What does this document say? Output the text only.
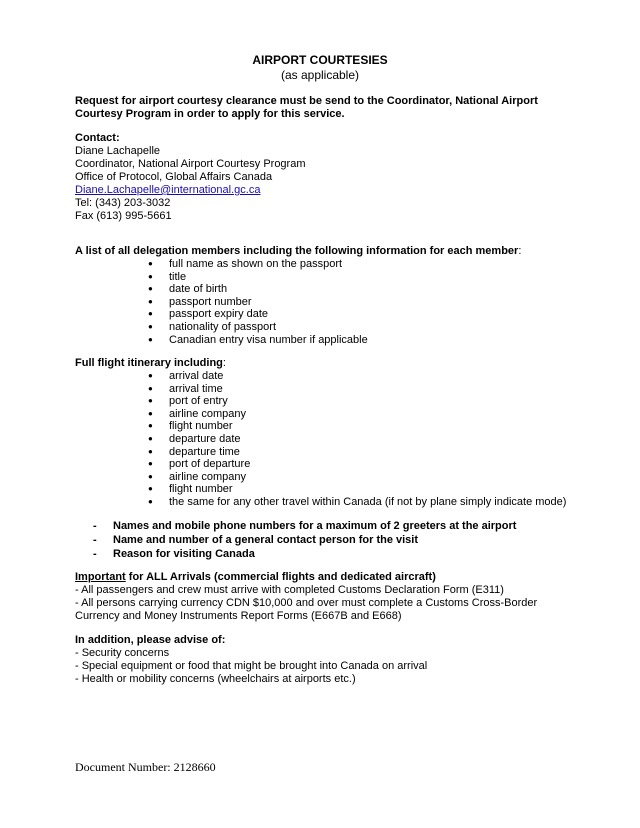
AIRPORT COURTESIES
(as applicable)
Request for airport courtesy clearance must be send to the Coordinator, National Airport Courtesy Program in order to apply for this service.
Contact:
Diane Lachapelle
Coordinator, National Airport Courtesy Program
Office of Protocol, Global Affairs Canada
Diane.Lachapelle@international.gc.ca
Tel: (343) 203-3032
Fax (613) 995-5661
A list of all delegation members including the following information for each member:
● full name as shown on the passport
● title
● date of birth
● passport number
● passport expiry date
● nationality of passport
● Canadian entry visa number if applicable
Full flight itinerary including:
● arrival date
● arrival time
● port of entry
● airline company
● flight number
● departure date
● departure time
● port of departure
● airline company
● flight number
● the same for any other travel within Canada (if not by plane simply indicate mode)
- Names and mobile phone numbers for a maximum of 2 greeters at the airport
- Name and number of a general contact person for the visit
- Reason for visiting Canada
Important for ALL Arrivals (commercial flights and dedicated aircraft)
- All passengers and crew must arrive with completed Customs Declaration Form (E311)
- All persons carrying currency CDN $10,000 and over must complete a Customs Cross-Border Currency and Money Instruments Report Forms (E667B and E668)
In addition, please advise of:
- Security concerns
- Special equipment or food that might be brought into Canada on arrival
- Health or mobility concerns (wheelchairs at airports etc.)
Document Number: 2128660
